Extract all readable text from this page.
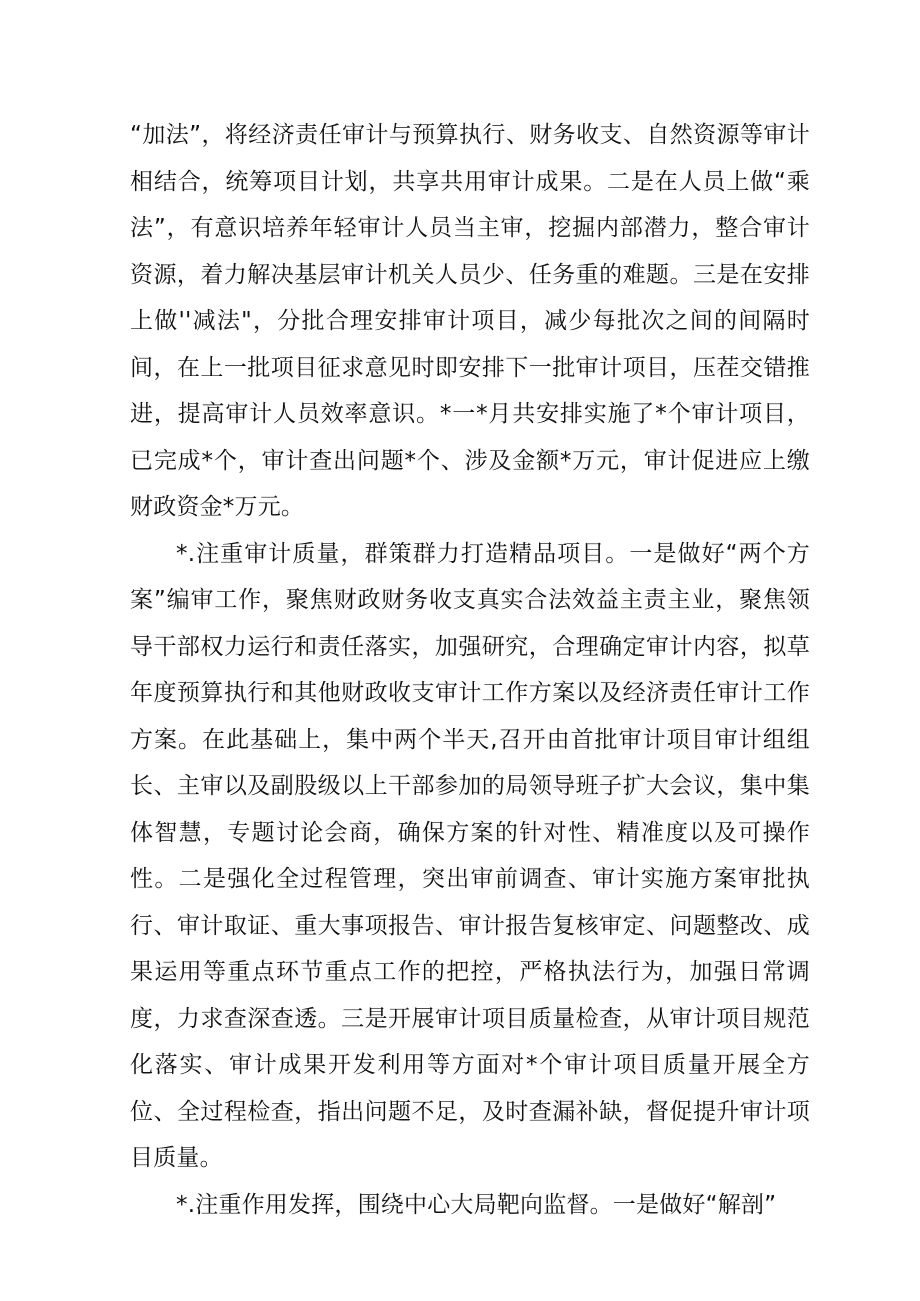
“加法”，将经济责任审计与预算执行、财务收支、自然资源等审计相结合，统筹项目计划，共享共用审计成果。二是在人员上做“乘法”，有意识培养年轻审计人员当主审，挖掘内部潜力，整合审计资源，着力解决基层审计机关人员少、任务重的难题。三是在安排上做''减法"，分批合理安排审计项目，减少每批次之间的间隔时间，在上一批项目征求意见时即安排下一批审计项目，压茬交错推进，提高审计人员效率意识。*一*月共安排实施了*个审计项目，已完成*个，审计查出问题*个、涉及金额*万元，审计促进应上缴财政资金*万元。

*.注重审计质量，群策群力打造精品项目。一是做好“两个方案”编审工作，聚焦财政财务收支真实合法效益主责主业，聚焦领导干部权力运行和责任落实，加强研究，合理确定审计内容，拟草年度预算执行和其他财政收支审计工作方案以及经济责任审计工作方案。在此基础上，集中两个半天,召开由首批审计项目审计组组长、主审以及副股级以上干部参加的局领导班子扩大会议，集中集体智慧，专题讨论会商，确保方案的针对性、精准度以及可操作性。二是强化全过程管理，突出审前调查、审计实施方案审批执行、审计取证、重大事项报告、审计报告复核审定、问题整改、成果运用等重点环节重点工作的把控，严格执法行为，加强日常调度，力求查深查透。三是开展审计项目质量检查，从审计项目规范化落实、审计成果开发利用等方面对*个审计项目质量开展全方位、全过程检查，指出问题不足，及时查漏补缺，督促提升审计项目质量。

*.注重作用发挥，围绕中心大局靶向监督。一是做好“解剖”
